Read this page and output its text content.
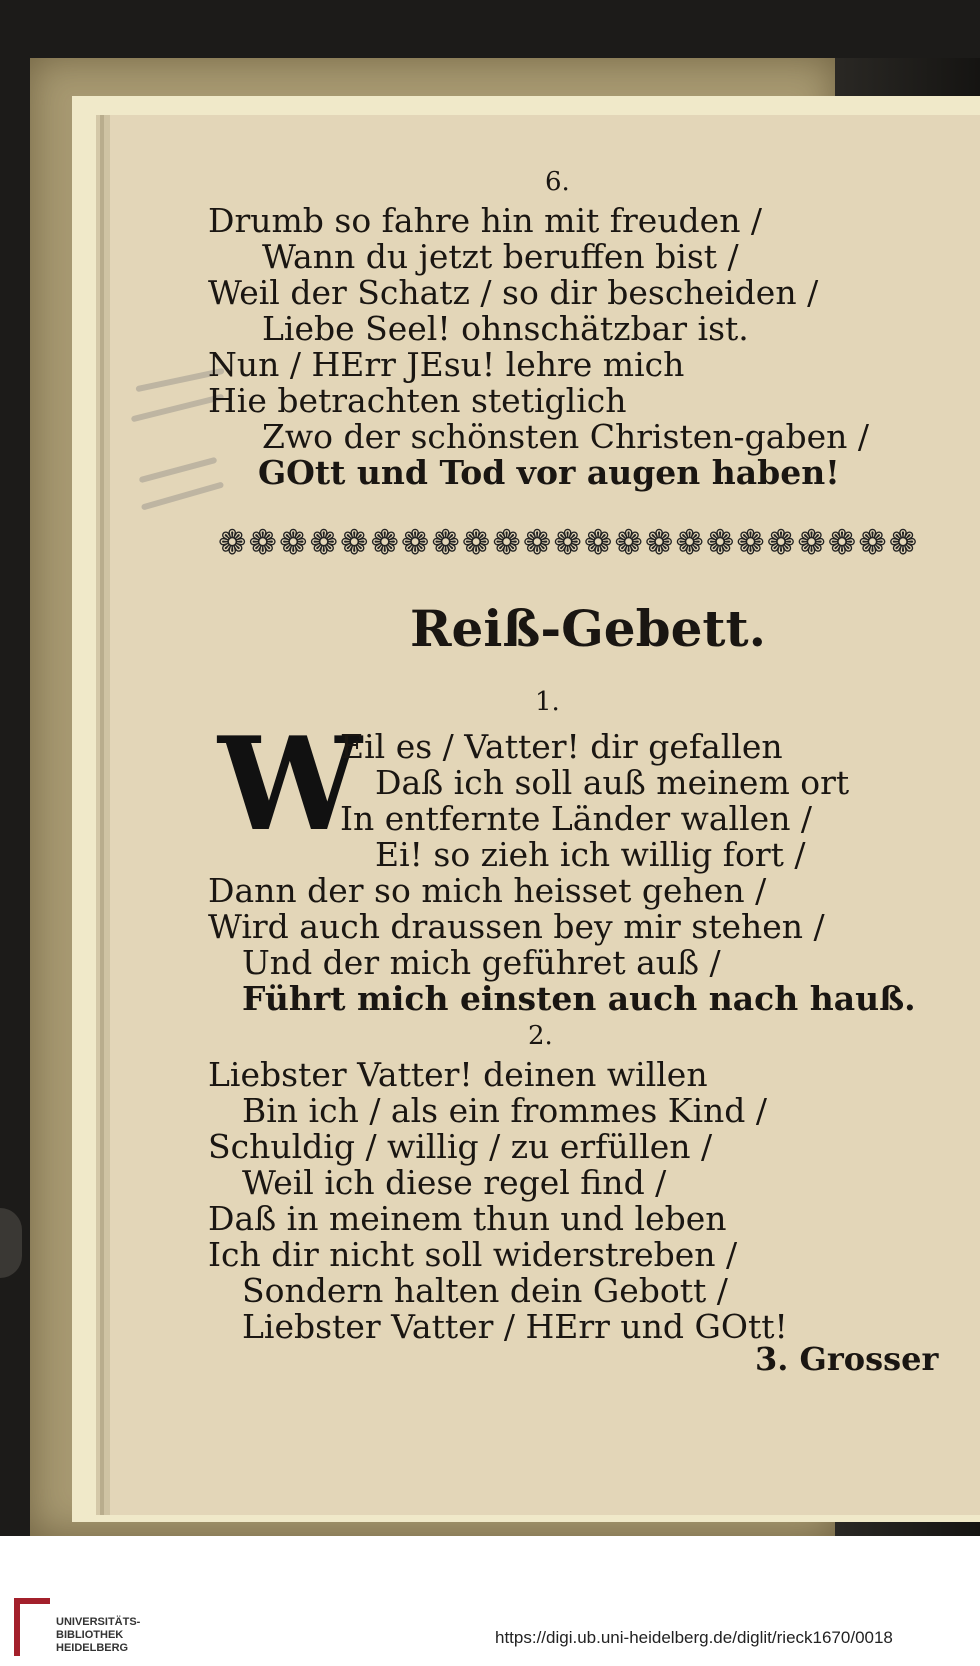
6.
Drumb so fahre hin mit freuden /
Wann du jetzt beruffen bist /
Weil der Schatz / so dir bescheiden /
Liebe Seel! ohnschätzbar ist.
Nun / HErr JEsu! lehre mich
Hie betrachten stetiglich
Zwo der schönsten Christen-gaben /
GOtt und Tod vor augen haben!
❁❁❁❁❁❁❁❁❁❁❁❁❁❁❁❁❁❁❁❁❁❁❁
Reiß-Gebett.
1.
W
Eil es / Vatter! dir gefallen
Daß ich soll auß meinem ort
In entfernte Länder wallen /
Ei! so zieh ich willig fort /
Dann der so mich heisset gehen /
Wird auch draussen bey mir stehen /
Und der mich geführet auß /
Führt mich einsten auch nach hauß.
2.
Liebster Vatter! deinen willen
Bin ich / als ein frommes Kind /
Schuldig / willig / zu erfüllen /
Weil ich diese regel find /
Daß in meinem thun und leben
Ich dir nicht soll widerstreben /
Sondern halten dein Gebott /
Liebster Vatter / HErr und GOtt!
3. Grosser
UNIVERSITÄTS-
BIBLIOTHEK
HEIDELBERG
https://digi.ub.uni-heidelberg.de/diglit/rieck1670/0018
